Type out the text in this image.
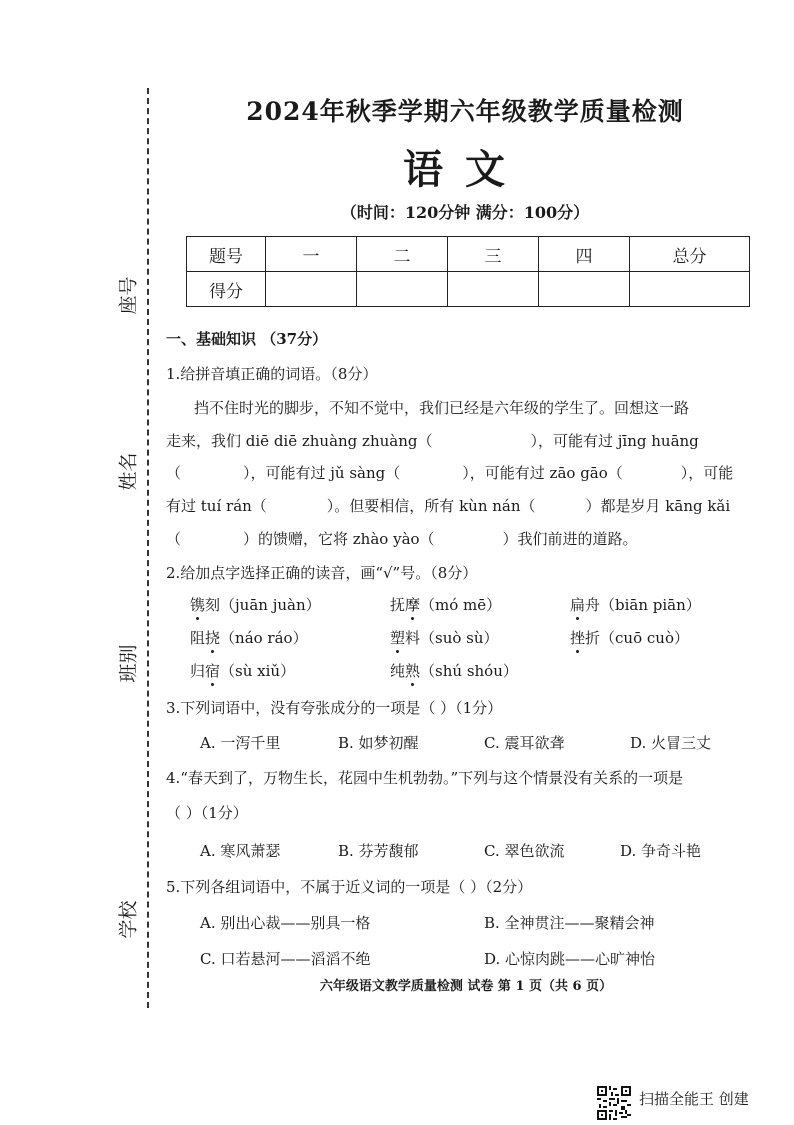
座号
姓名
班别
学校
2024年秋季学期六年级教学质量检测
语文
（时间：120分钟 满分：100分）
题号	一	二	三	四	总分
得分					
一、基础知识 （37分）
1.给拼音填正确的词语。（8分）
挡不住时光的脚步，不知不觉中，我们已经是六年级的学生了。回想这一路
走来，我们 diē diē zhuàng zhuàng（	），可能有过 jīng huāng
（	），可能有过 jǔ sàng（	），可能有过 zāo gāo（	），可能
有过 tuí rán（	）。但要相信，所有 kùn nán（	）都是岁月 kāng kǎi
（	）的馈赠，它将 zhào yào（	）我们前进的道路。
2.给加点字选择正确的读音，画“√”号。（8分）
镌刻（juān juàn）	抚摩（mó mē）	扁舟（biān piān）
阻挠（náo ráo）	塑料（suò sù）	挫折（cuō cuò）
归宿（sù xiǔ）	纯熟（shú shóu）
3.下列词语中，没有夸张成分的一项是（ ）（1分）
A. 一泻千里	B. 如梦初醒	C. 震耳欲聋	D. 火冒三丈
4.“春天到了，万物生长，花园中生机勃勃。”下列与这个情景没有关系的一项是
（ ）（1分）
A. 寒风萧瑟	B. 芬芳馥郁	C. 翠色欲流	D. 争奇斗艳
5.下列各组词语中，不属于近义词的一项是（ ）（2分）
A. 别出心裁——别具一格	B. 全神贯注——聚精会神
C. 口若悬河——滔滔不绝	D. 心惊肉跳——心旷神怡
六年级语文教学质量检测 试卷 第 1 页（共 6 页）
扫描全能王 创建
